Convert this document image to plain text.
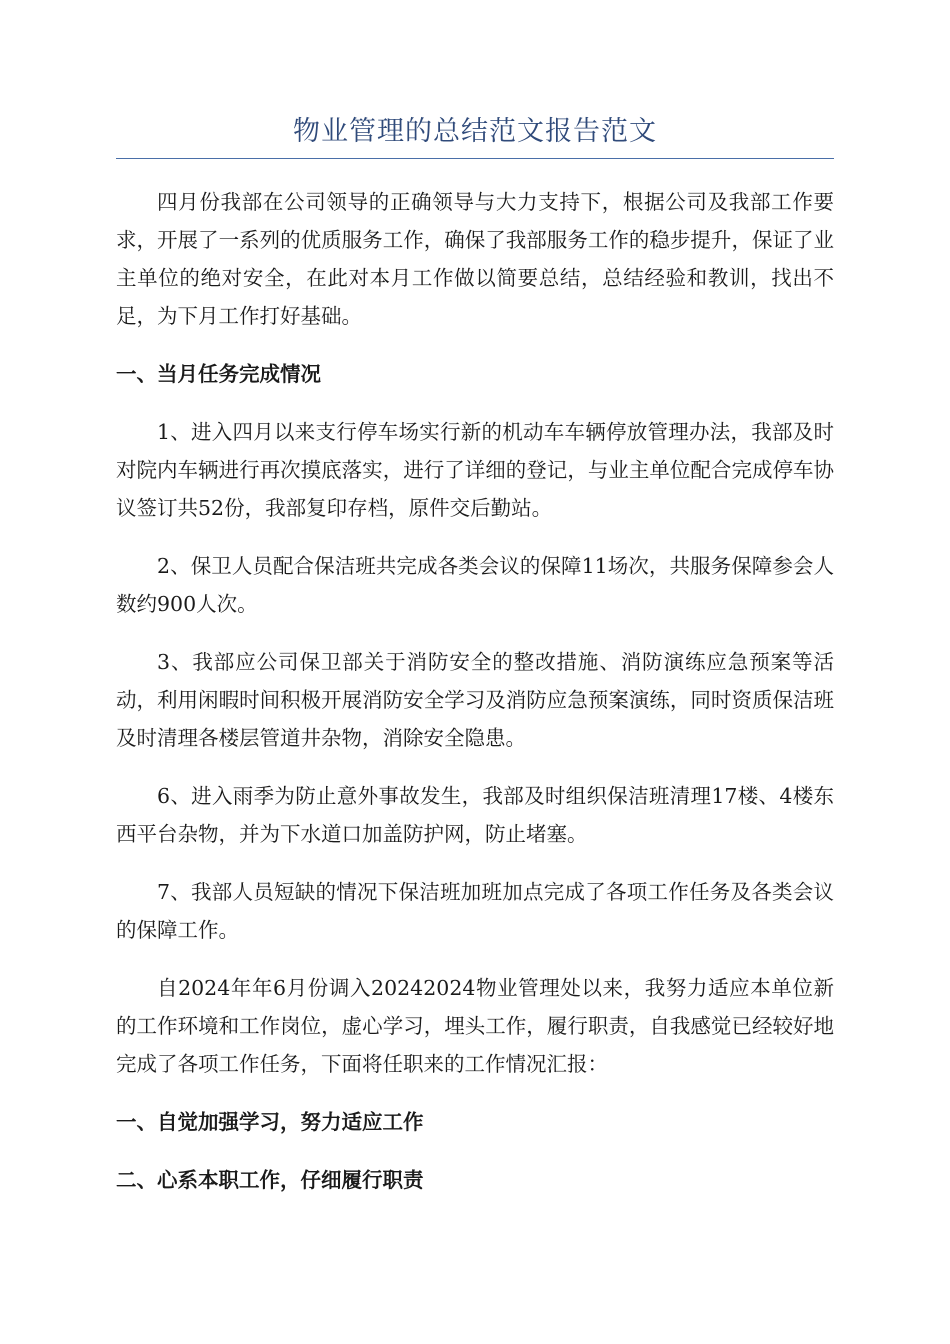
物业管理的总结范文报告范文

四月份我部在公司领导的正确领导与大力支持下，根据公司及我部工作要求，开展了一系列的优质服务工作，确保了我部服务工作的稳步提升，保证了业主单位的绝对安全，在此对本月工作做以简要总结，总结经验和教训，找出不足，为下月工作打好基础。

一、当月任务完成情况

1、进入四月以来支行停车场实行新的机动车车辆停放管理办法，我部及时对院内车辆进行再次摸底落实，进行了详细的登记，与业主单位配合完成停车协议签订共52份，我部复印存档，原件交后勤站。

2、保卫人员配合保洁班共完成各类会议的保障11场次，共服务保障参会人数约900人次。

3、我部应公司保卫部关于消防安全的整改措施、消防演练应急预案等活动，利用闲暇时间积极开展消防安全学习及消防应急预案演练，同时资质保洁班及时清理各楼层管道井杂物，消除安全隐患。

6、进入雨季为防止意外事故发生，我部及时组织保洁班清理17楼、4楼东西平台杂物，并为下水道口加盖防护网，防止堵塞。

7、我部人员短缺的情况下保洁班加班加点完成了各项工作任务及各类会议的保障工作。

自2024年年6月份调入20242024物业管理处以来，我努力适应本单位新的工作环境和工作岗位，虚心学习，埋头工作，履行职责，自我感觉已经较好地完成了各项工作任务，下面将任职来的工作情况汇报：

一、自觉加强学习，努力适应工作

二、心系本职工作，仔细履行职责
